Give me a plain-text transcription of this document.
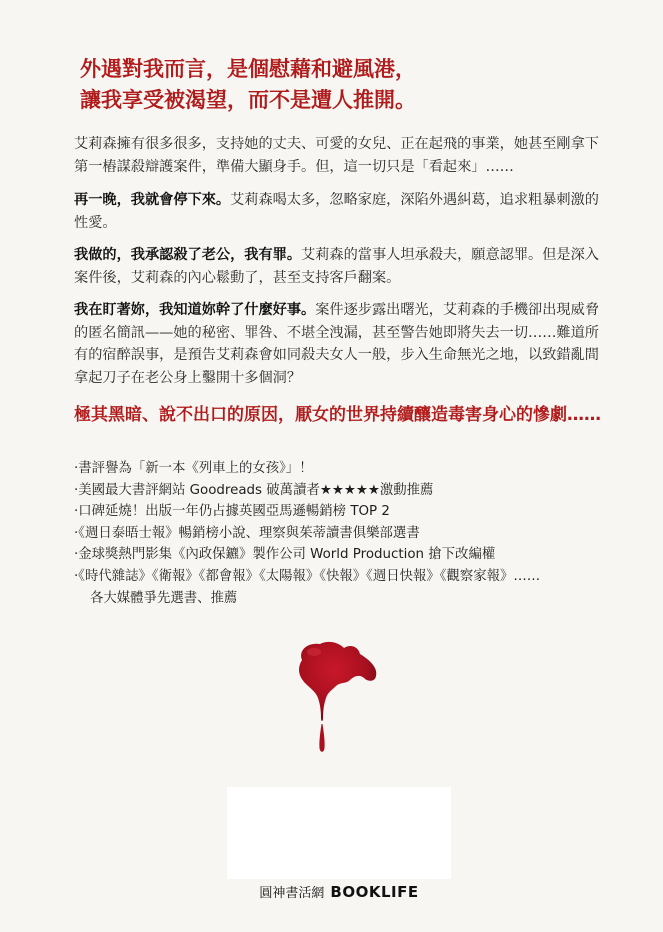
外遇對我而言，是個慰藉和避風港，
讓我享受被渴望，而不是遭人推開。

艾莉森擁有很多很多，支持她的丈夫、可愛的女兒、正在起飛的事業，她甚至剛拿下第一樁謀殺辯護案件，準備大顯身手。但，這一切只是「看起來」……

再一晚，我就會停下來。艾莉森喝太多，忽略家庭，深陷外遇糾葛，追求粗暴刺激的性愛。

我做的，我承認殺了老公，我有罪。艾莉森的當事人坦承殺夫，願意認罪。但是深入案件後，艾莉森的內心鬆動了，甚至支持客戶翻案。

我在盯著妳，我知道妳幹了什麼好事。案件逐步露出曙光，艾莉森的手機卻出現威脅的匿名簡訊——她的秘密、罪咎、不堪全洩漏，甚至警告她即將失去一切……難道所有的宿醉誤事，是預告艾莉森會如同殺夫女人一般，步入生命無光之地，以致錯亂間拿起刀子在老公身上鑿開十多個洞？

極其黑暗、說不出口的原因，厭女的世界持續釀造毒害身心的慘劇……

‧書評譽為「新一本《列車上的女孩》」！
‧美國最大書評網站 Goodreads 破萬讀者★★★★★激動推薦
‧口碑延燒！出版一年仍占據英國亞馬遜暢銷榜 TOP 2
‧《週日泰晤士報》暢銷榜小說、理察與茱蒂讀書俱樂部選書
‧金球獎熱門影集《內政保鑣》製作公司 World Production 搶下改編權
‧《時代雜誌》《衛報》《都會報》《太陽報》《快報》《週日快報》《觀察家報》……
各大媒體爭先選書、推薦
圓神書活網 BOOKLIFE
